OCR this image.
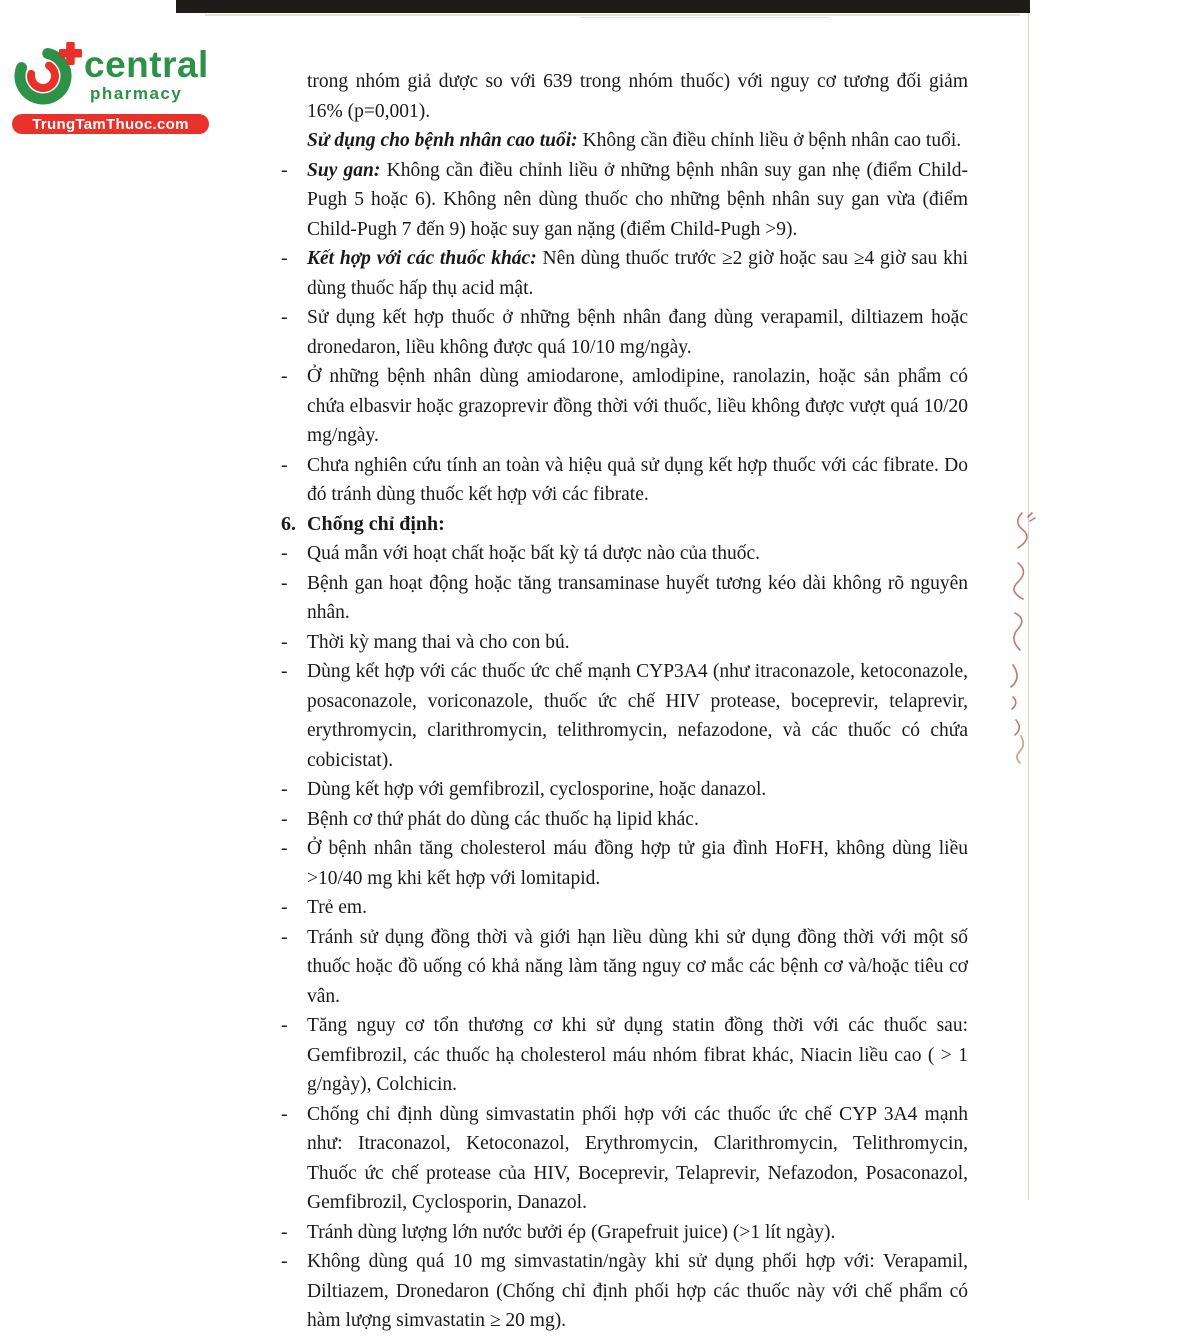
central
pharmacy
TrungTamThuoc.com
trong nhóm giả dược so với 639 trong nhóm thuốc) với nguy cơ tương đối giảm 16% (p=0,001).
Sử dụng cho bệnh nhân cao tuổi: Không cần điều chỉnh liều ở bệnh nhân cao tuổi.
-	Suy gan: Không cần điều chỉnh liều ở những bệnh nhân suy gan nhẹ (điểm Child-Pugh 5 hoặc 6). Không nên dùng thuốc cho những bệnh nhân suy gan vừa (điểm Child-Pugh 7 đến 9) hoặc suy gan nặng (điểm Child-Pugh >9).
-	Kết hợp với các thuốc khác: Nên dùng thuốc trước ≥2 giờ hoặc sau ≥4 giờ sau khi dùng thuốc hấp thụ acid mật.
-	Sử dụng kết hợp thuốc ở những bệnh nhân đang dùng verapamil, diltiazem hoặc dronedaron, liều không được quá 10/10 mg/ngày.
-	Ở những bệnh nhân dùng amiodarone, amlodipine, ranolazin, hoặc sản phẩm có chứa elbasvir hoặc grazoprevir đồng thời với thuốc, liều không được vượt quá 10/20 mg/ngày.
-	Chưa nghiên cứu tính an toàn và hiệu quả sử dụng kết hợp thuốc với các fibrate. Do đó tránh dùng thuốc kết hợp với các fibrate.
6. Chống chỉ định:
-	Quá mẫn với hoạt chất hoặc bất kỳ tá dược nào của thuốc.
-	Bệnh gan hoạt động hoặc tăng transaminase huyết tương kéo dài không rõ nguyên nhân.
-	Thời kỳ mang thai và cho con bú.
-	Dùng kết hợp với các thuốc ức chế mạnh CYP3A4 (như itraconazole, ketoconazole, posaconazole, voriconazole, thuốc ức chế HIV protease, boceprevir, telaprevir, erythromycin, clarithromycin, telithromycin, nefazodone, và các thuốc có chứa cobicistat).
-	Dùng kết hợp với gemfibrozil, cyclosporine, hoặc danazol.
-	Bệnh cơ thứ phát do dùng các thuốc hạ lipid khác.
-	Ở bệnh nhân tăng cholesterol máu đồng hợp tử gia đình HoFH, không dùng liều >10/40 mg khi kết hợp với lomitapid.
-	Trẻ em.
-	Tránh sử dụng đồng thời và giới hạn liều dùng khi sử dụng đồng thời với một số thuốc hoặc đồ uống có khả năng làm tăng nguy cơ mắc các bệnh cơ và/hoặc tiêu cơ vân.
-	Tăng nguy cơ tổn thương cơ khi sử dụng statin đồng thời với các thuốc sau: Gemfibrozil, các thuốc hạ cholesterol máu nhóm fibrat khác, Niacin liều cao ( > 1 g/ngày), Colchicin.
-	Chống chỉ định dùng simvastatin phối hợp với các thuốc ức chế CYP 3A4 mạnh như: Itraconazol, Ketoconazol, Erythromycin, Clarithromycin, Telithromycin, Thuốc ức chế protease của HIV, Boceprevir, Telaprevir, Nefazodon, Posaconazol, Gemfibrozil, Cyclosporin, Danazol.
-	Tránh dùng lượng lớn nước bưởi ép (Grapefruit juice) (>1 lít ngày).
-	Không dùng quá 10 mg simvastatin/ngày khi sử dụng phối hợp với: Verapamil, Diltiazem, Dronedaron (Chống chỉ định phối hợp các thuốc này với chế phẩm có hàm lượng simvastatin ≥ 20 mg).
